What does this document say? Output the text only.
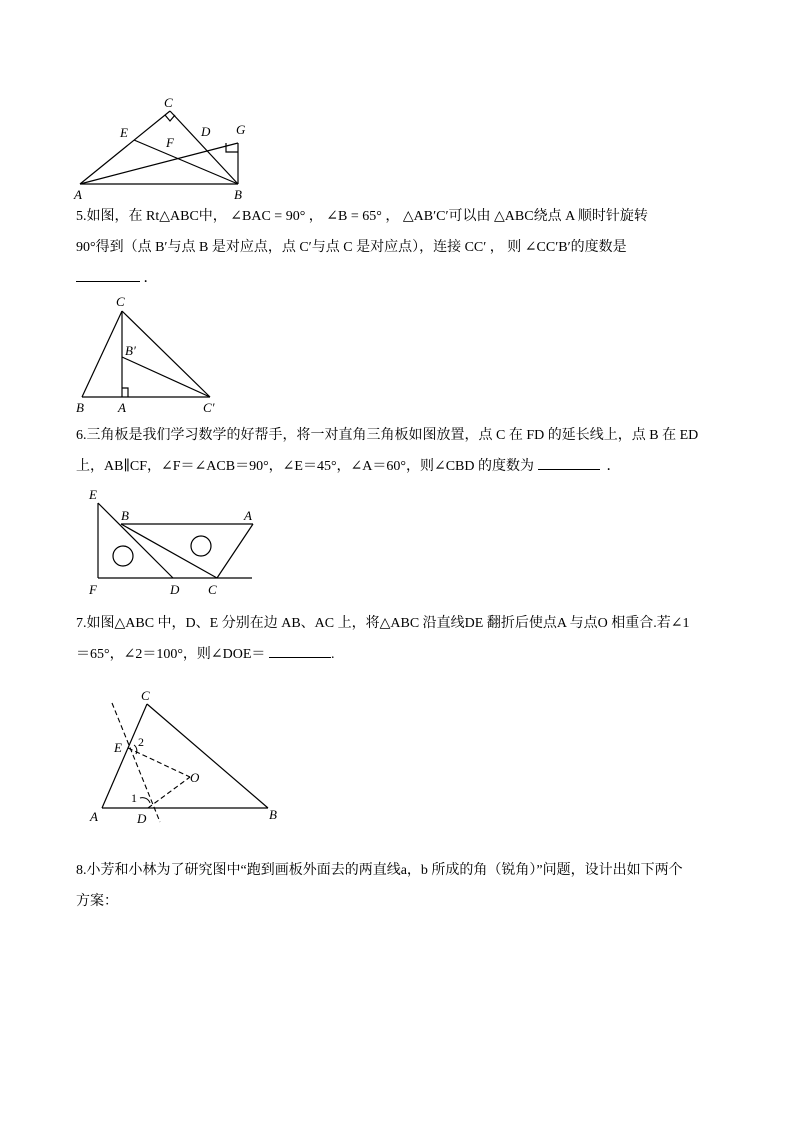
C
E	D G
F
A	B
5.如图，在 Rt△ABC中， ∠BAC = 90° ， ∠B = 65° ， △AB′C′可以由 △ABC绕点 A 顺时针旋转
90°得到（点 B′与点 B 是对应点，点 C′与点 C 是对应点），连接 CC′ ， 则 ∠CC′B′的度数是
．
C
B′
B	A	C′
6.三角板是我们学习数学的好帮手，将一对直角三角板如图放置，点 C 在 FD 的延长线上，点 B 在 ED
上，AB∥CF，∠F＝∠ACB＝90°，∠E＝45°，∠A＝60°，则∠CBD 的度数为	．
E
B	A
F	D C
7.如图△ABC 中，D、E 分别在边 AB、AC 上，将△ABC 沿直线DE 翻折后使点A 与点O 相重合.若∠1
＝65°，∠2＝100°，则∠DOE＝	.
C
E 2
O
1
A	D	B
8.小芳和小林为了研究图中“跑到画板外面去的两直线a，b 所成的角（锐角）”问题，设计出如下两个
方案：
